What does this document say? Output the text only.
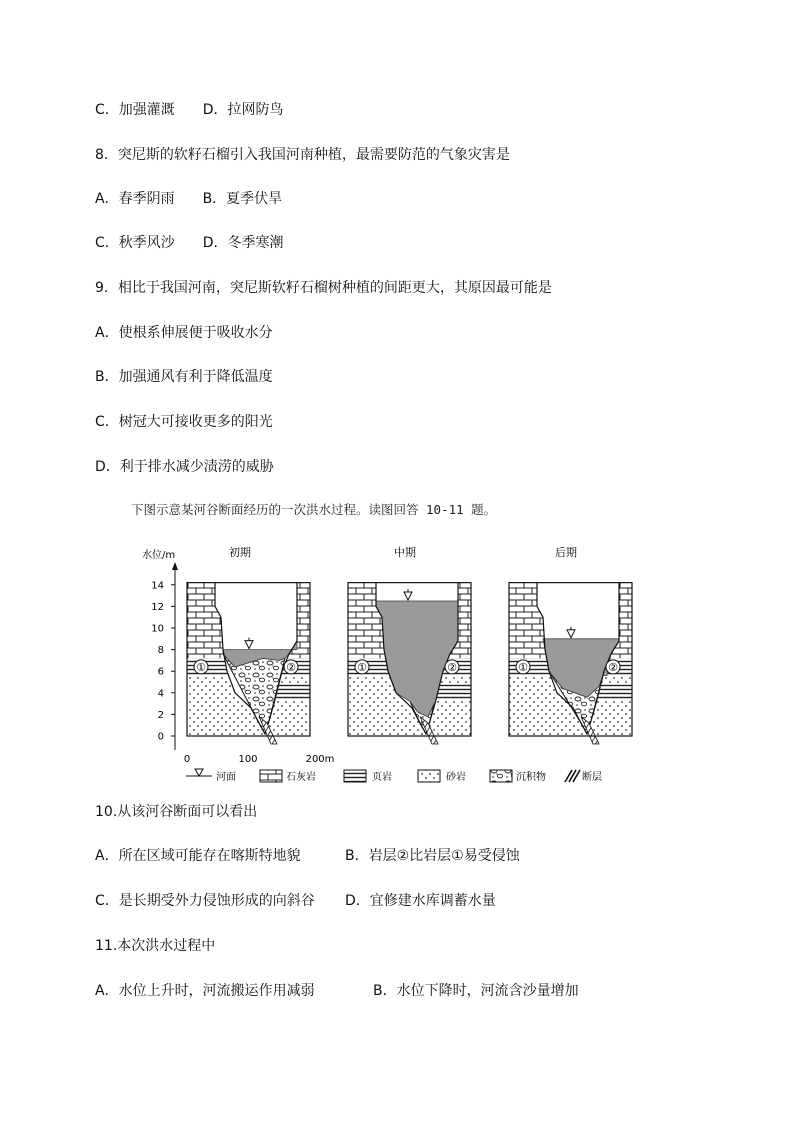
C．加强灌溉 D．拉网防鸟
8．突尼斯的软籽石榴引入我国河南种植，最需要防范的气象灾害是
A．春季阴雨 B．夏季伏旱
C．秋季风沙 D．冬季寒潮
9．相比于我国河南，突尼斯软籽石榴树种植的间距更大，其原因最可能是
A．使根系伸展便于吸收水分
B．加强通风有利于降低温度
C．树冠大可接收更多的阳光
D．利于排水减少渍涝的威胁
下图示意某河谷断面经历的一次洪水过程。读图回答 10-11 题。
水位/m
14
12
10
8
6
4
2
0
初期
①	②
中期
①	②
后期
①	②
0	100	200m
河面	石灰岩	页岩	砂岩	沉积物	断层
10.从该河谷断面可以看出
A．所在区域可能存在喀斯特地貌	B．岩层②比岩层①易受侵蚀
C．是长期受外力侵蚀形成的向斜谷 D．宜修建水库调蓄水量
11.本次洪水过程中
A．水位上升时，河流搬运作用减弱	B．水位下降时，河流含沙量增加
